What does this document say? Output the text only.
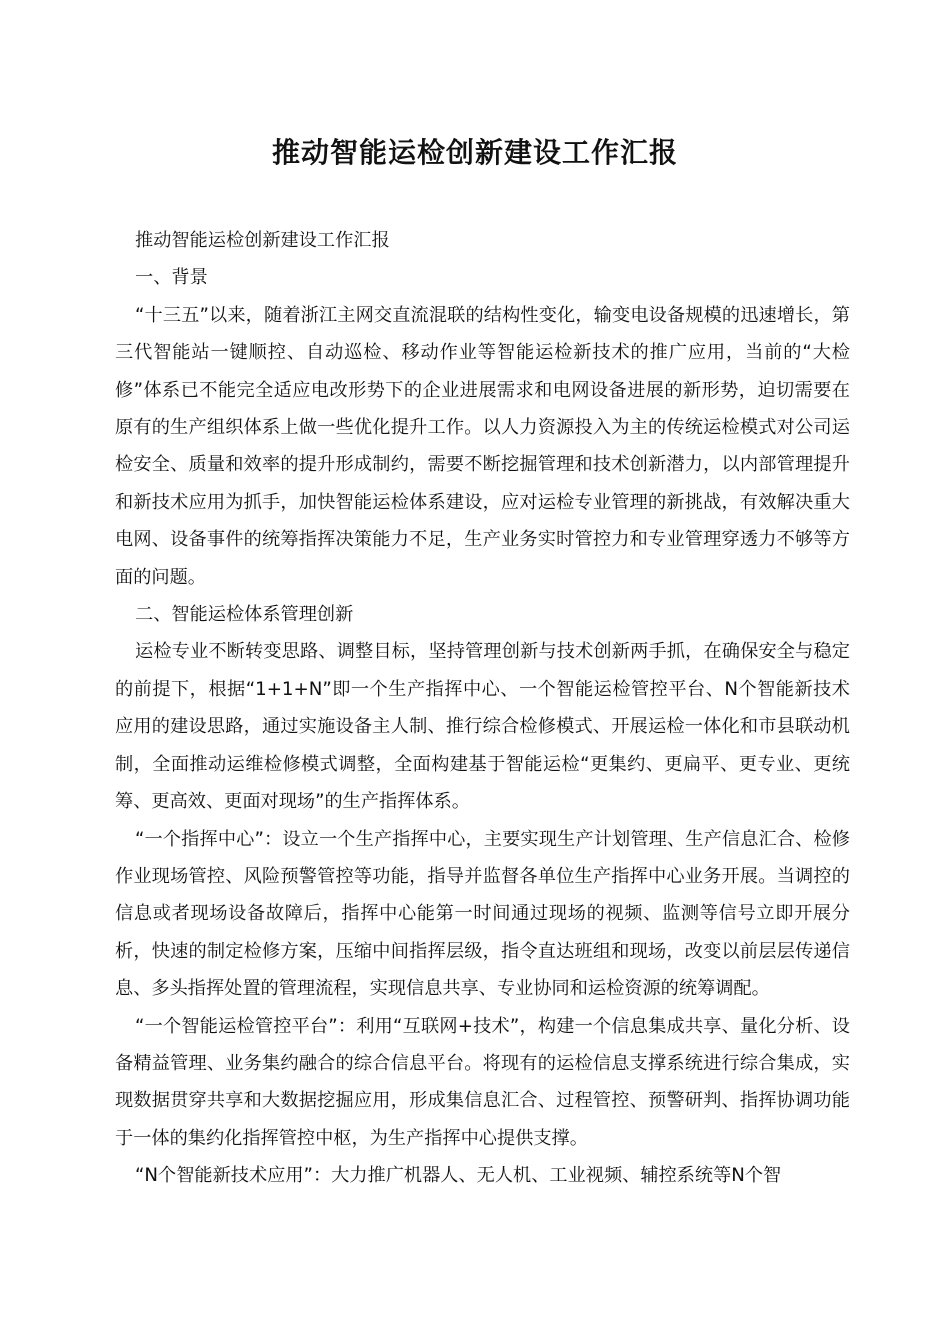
推动智能运检创新建设工作汇报

推动智能运检创新建设工作汇报

一、背景

“十三五”以来，随着浙江主网交直流混联的结构性变化，输变电设备规模的迅速增长，第三代智能站一键顺控、自动巡检、移动作业等智能运检新技术的推广应用，当前的“大检修”体系已不能完全适应电改形势下的企业进展需求和电网设备进展的新形势，迫切需要在原有的生产组织体系上做一些优化提升工作。以人力资源投入为主的传统运检模式对公司运检安全、质量和效率的提升形成制约，需要不断挖掘管理和技术创新潜力，以内部管理提升和新技术应用为抓手，加快智能运检体系建设，应对运检专业管理的新挑战，有效解决重大电网、设备事件的统筹指挥决策能力不足，生产业务实时管控力和专业管理穿透力不够等方面的问题。

二、智能运检体系管理创新

运检专业不断转变思路、调整目标，坚持管理创新与技术创新两手抓，在确保安全与稳定的前提下，根据“1+1+N”即一个生产指挥中心、一个智能运检管控平台、N个智能新技术应用的建设思路，通过实施设备主人制、推行综合检修模式、开展运检一体化和市县联动机制，全面推动运维检修模式调整，全面构建基于智能运检“更集约、更扁平、更专业、更统筹、更高效、更面对现场”的生产指挥体系。

“一个指挥中心”：设立一个生产指挥中心，主要实现生产计划管理、生产信息汇合、检修作业现场管控、风险预警管控等功能，指导并监督各单位生产指挥中心业务开展。当调控的信息或者现场设备故障后，指挥中心能第一时间通过现场的视频、监测等信号立即开展分析，快速的制定检修方案，压缩中间指挥层级，指令直达班组和现场，改变以前层层传递信息、多头指挥处置的管理流程，实现信息共享、专业协同和运检资源的统筹调配。

“一个智能运检管控平台”：利用“互联网+技术”，构建一个信息集成共享、量化分析、设备精益管理、业务集约融合的综合信息平台。将现有的运检信息支撑系统进行综合集成，实现数据贯穿共享和大数据挖掘应用，形成集信息汇合、过程管控、预警研判、指挥协调功能于一体的集约化指挥管控中枢，为生产指挥中心提供支撑。

“N个智能新技术应用”：大力推广机器人、无人机、工业视频、辅控系统等N个智
